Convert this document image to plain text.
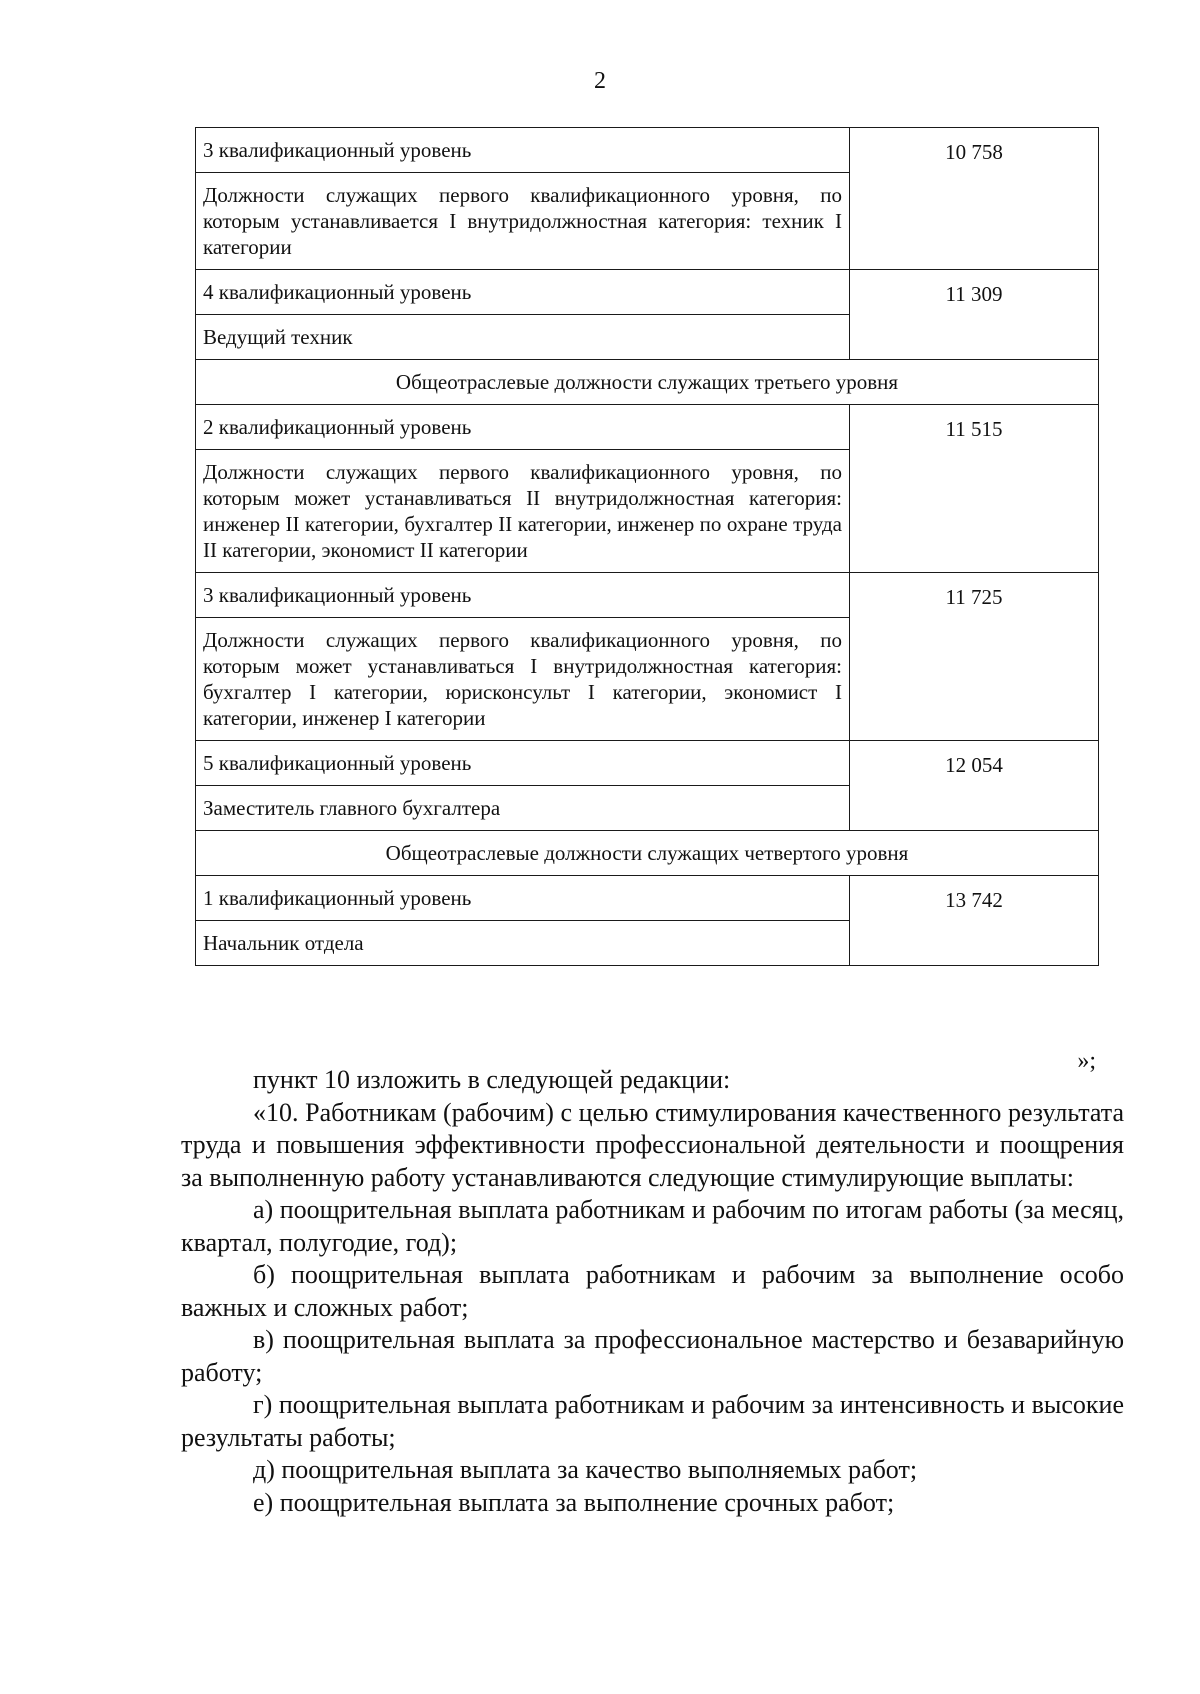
2
3 квалификационный уровень	10 758
Должности служащих первого квалификационного уровня, по которым устанавливается I внутридолжностная категория: техник I категории	
4 квалификационный уровень	11 309
Ведущий техник	
Общеотраслевые должности служащих третьего уровня	
2 квалификационный уровень	11 515
Должности служащих первого квалификационного уровня, по которым может устанавливаться II внутридолжностная категория: инженер II категории, бухгалтер II категории, инженер по охране труда II категории, экономист II категории	
3 квалификационный уровень	11 725
Должности служащих первого квалификационного уровня, по которым может устанавливаться I внутридолжностная категория: бухгалтер I категории, юрисконсульт I категории, экономист I категории, инженер I категории	
5 квалификационный уровень	12 054
Заместитель главного бухгалтера	
Общеотраслевые должности служащих четвертого уровня	
1 квалификационный уровень	13 742
Начальник отдела	
»;

пункт 10 изложить в следующей редакции:

«10. Работникам (рабочим) с целью стимулирования качественного результата труда и повышения эффективности профессиональной деятельности и поощрения за выполненную работу устанавливаются следующие стимулирующие выплаты:

а) поощрительная выплата работникам и рабочим по итогам работы (за месяц, квартал, полугодие, год);

б) поощрительная выплата работникам и рабочим за выполнение особо важных и сложных работ;

в) поощрительная выплата за профессиональное мастерство и безаварийную работу;

г) поощрительная выплата работникам и рабочим за интенсивность и высокие результаты работы;

д) поощрительная выплата за качество выполняемых работ;

е) поощрительная выплата за выполнение срочных работ;
